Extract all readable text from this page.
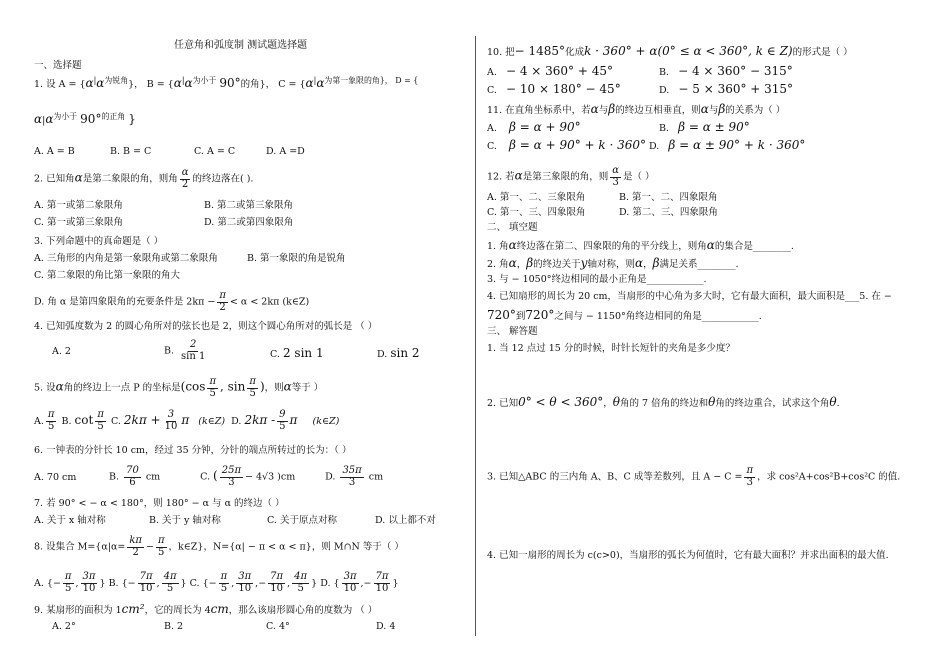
任意角和弧度制 测试题选择题
一、选择题
1. 设 $A = \{\alpha^|\alpha^{为锐角}\}$， $B = \{\alpha^|\alpha^{为小于}$ 90°的角}， $C = \{\alpha^|\alpha^{为第一象限的角\}, D = \{}$
$\alpha|\alpha^{为小于}$ 90°$^{的正角}$ }
A. A = B	B. B = C	C. A = C	D. A =D
2. 已知角α是第二象限的角，则角 $\frac{\alpha}{2}$ 的终边落在( ).
A. 第一或第二象限角	B. 第二或第三象限角
C. 第一或第三象限角	D. 第二或第四象限角
3. 下列命题中的真命题是（ ）
A. 三角形的内角是第一象限角或第二象限角	B. 第一象限的角是锐角
C. 第二象限的角比第一象限的角大
D. 角 α 是第四象限角的充要条件是 $2k\pi - \frac{\pi}{2} < \alpha < 2k\pi$ (k∈Z)
4. 已知弧度数为 2 的圆心角所对的弦长也是 2，则这个圆心角所对的弧长是 （ ）
A. 2	B. $\frac{2}{\sin 1}$	C. 2 sin 1	D. sin 2
5. 设α角的终边上一点 P 的坐标是($\cos \frac{\pi}{5}$ , $\sin \frac{\pi}{5}$ )，则α等于 ）
A. $\frac{\pi}{5} B$. $\cot \frac{\pi}{5} C$. $2k\pi + \frac{3}{10}$ π (k∈Z) D. $2k\pi - \frac{9}{5}$ π (k∈Z)
6. 一钟表的分针长 10 cm，经过 35 分钟，分针的端点所转过的长为：（ ）
A. 70 cm	B. $\frac{70}{6}$ cm	C. ( $\frac{25\pi}{3} - 4√3$ )cm	D. $\frac{35\pi}{3}$ cm
7. 若 90° < − α < 180°，则 180° − α 与 α 的终边（ ）
A. 关于 x 轴对称	B. 关于 y 轴对称	C. 关于原点对称	D. 以上都不对
8. 设集合 $M=\{\alpha|\alpha= \frac{k\pi}{2} - \frac{\pi}{5}$ ，k∈Z}，N={α| − π < α < π}，则 M∩N 等于（ ）
A. {− $\frac{\pi}{5}$ , $\frac{3\pi}{10}$ } B. {− $\frac{7\pi}{10}$ , $\frac{4\pi}{5}$ } C. {− $\frac{\pi}{5}$ , $\frac{3\pi}{10}$ ,− $\frac{7\pi}{10}$ , $\frac{4\pi}{5}$ } D. { $\frac{3\pi}{10}$ ,− $\frac{7\pi}{10}$ }
9. 某扇形的面积为 1cm²，它的周长为 4cm，那么该扇形圆心角的度数为 （ ）
A. 2°	B. 2	C. 4°	D. 4
10. 把− 1485°化成k · 360° + α(0° ≤ α < 360°, k ∈ Z)的形式是（ ）
A. − 4 × 360° + 45°	B. − 4 × 360° − 315°
C. − 10 × 180° − 45°	D. − 5 × 360° + 315°
11. 在直角坐标系中，若α与β的终边互相垂直，则α与β的关系为（ ）
A. β = α + 90°	B. β = α ± 90°
C. β = α + 90° + k · 360° D. β = α ± 90° + k · 360°
12. 若α是第三象限的角，则 $\frac{\alpha}{3}$ 是（ ）
A. 第一、二、三象限角	B. 第一、二、四象限角
C. 第一、三、四象限角	D. 第二、三、四象限角
二、 填空题
1. 角α终边落在第二、四象限的角的平分线上，则角α的集合是________.
2. 角α，β的终边关于y轴对称，则α，β满足关系________.
3. 与 − 1050°终边相同的最小正角是____________.
4. 已知扇形的周长为 20 cm，当扇形的中心角为多大时，它有最大面积，最大面积是___5. 在 −
720°到720°之间与 − 1150°角终边相同的角是____________.
三、 解答题
1. 当 12 点过 15 分的时候，时针长短针的夹角是多少度？
2. 已知0° < θ < 360°，θ角的 7 倍角的终边和θ角的终边重合，试求这个角θ.
3. 已知△ABC 的三内角 A、B、C 成等差数列，且 $A - C = \frac{\pi}{3}$ ，求 cos²A+cos²B+cos²C 的值.
4. 已知一扇形的周长为 c(c>0)，当扇形的弧长为何值时，它有最大面积？并求出面积的最大值.
